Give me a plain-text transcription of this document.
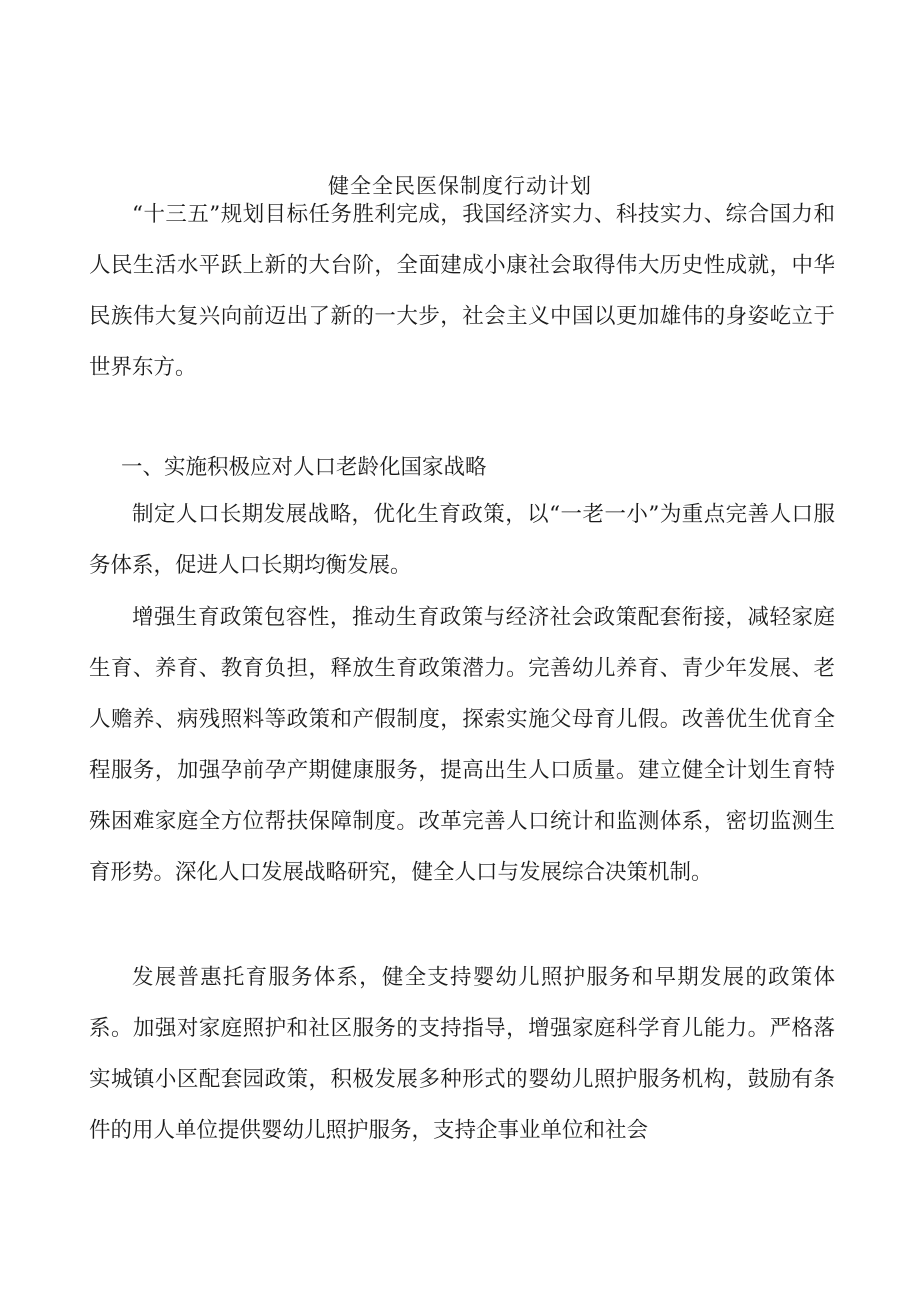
健全全民医保制度行动计划

“十三五”规划目标任务胜利完成，我国经济实力、科技实力、综合国力和人民生活水平跃上新的大台阶，全面建成小康社会取得伟大历史性成就，中华民族伟大复兴向前迈出了新的一大步，社会主义中国以更加雄伟的身姿屹立于世界东方。

一、实施积极应对人口老龄化国家战略

制定人口长期发展战略，优化生育政策，以“一老一小”为重点完善人口服务体系，促进人口长期均衡发展。

增强生育政策包容性，推动生育政策与经济社会政策配套衔接，减轻家庭生育、养育、教育负担，释放生育政策潜力。完善幼儿养育、青少年发展、老人赡养、病残照料等政策和产假制度，探索实施父母育儿假。改善优生优育全程服务，加强孕前孕产期健康服务，提高出生人口质量。建立健全计划生育特殊困难家庭全方位帮扶保障制度。改革完善人口统计和监测体系，密切监测生育形势。深化人口发展战略研究，健全人口与发展综合决策机制。

发展普惠托育服务体系，健全支持婴幼儿照护服务和早期发展的政策体系。加强对家庭照护和社区服务的支持指导，增强家庭科学育儿能力。严格落实城镇小区配套园政策，积极发展多种形式的婴幼儿照护服务机构，鼓励有条件的用人单位提供婴幼儿照护服务，支持企事业单位和社会
